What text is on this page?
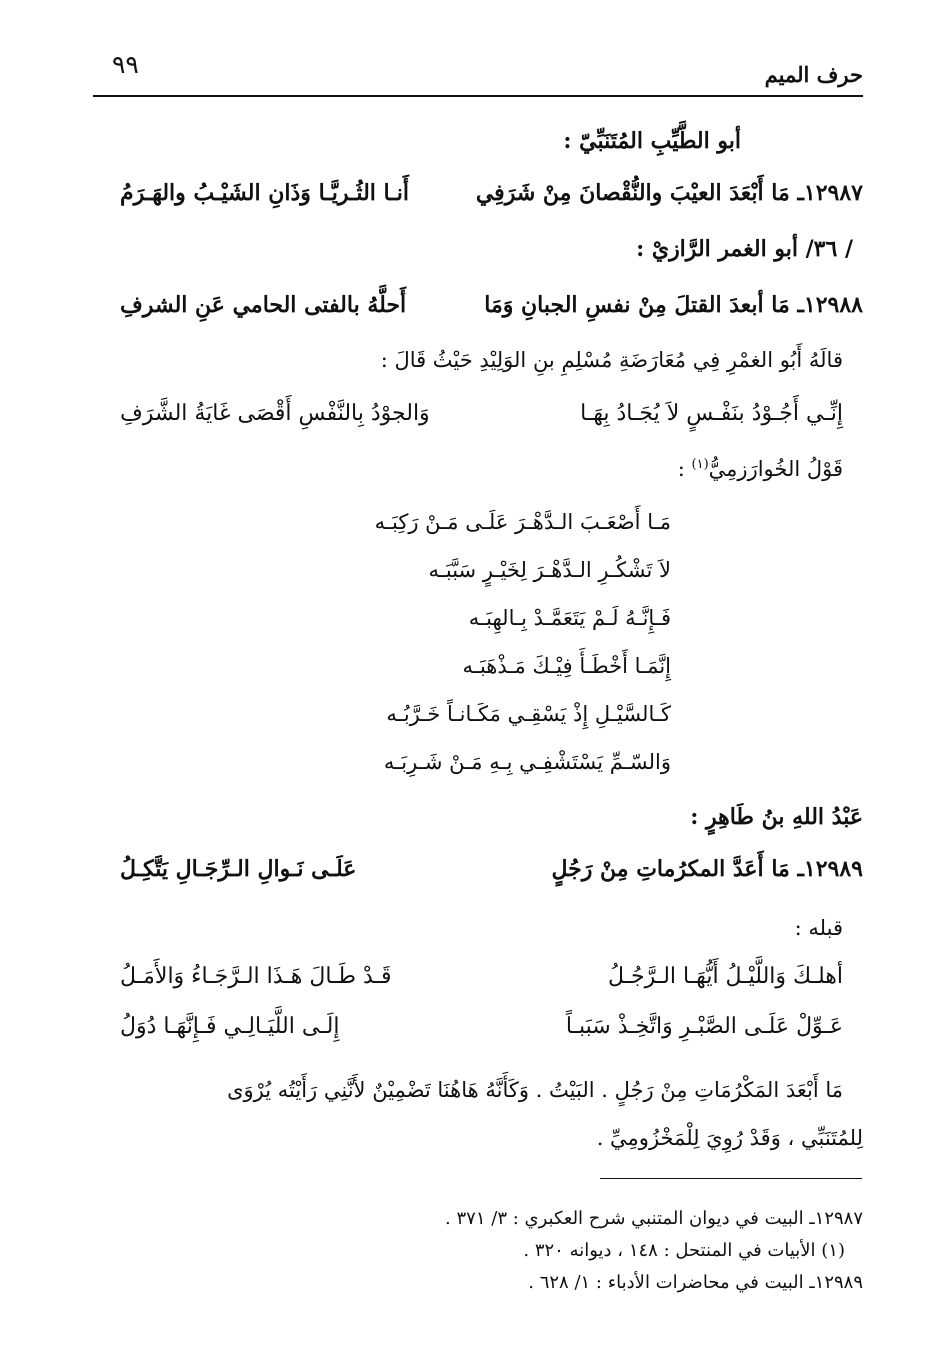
٩٩	حرف الميم
أبو الطَّيِّبِ المُتَنَبِّيّ :
١٢٩٨٧ـ مَا أَبْعَدَ العيْبَ والنُّقْصانَ مِنْ شَرَفِي
أَنـا الثُـريَّـا وَذَانِ الشَيْـبُ والهَـرَمُ
/ ٣٦/ أبو الغمر الرَّازيْ :
١٢٩٨٨ـ مَا أبعدَ القتلَ مِنْ نفسِ الجبانِ وَمَا
أَحلَّهُ بالفتى الحامي عَنِ الشرفِ
قالَهُ أَبُو الغمْرِ فِي مُعَارَضَةِ مُسْلِمِ بنِ الوَلِيْدِ حَيْثُ قَالَ :
إِنِّـي أَجُـوْدُ بنَفْـسٍ لاَ يُجَـادُ بِهَـا
وَالجوْدُ بِالنَّفْسِ أَقْصَى غَايَةُ الشَّرَفِ
قَوْلُ الخُوارَزمِيُّ$^{(١)}$ :
مَـا أَصْعَـبَ الـدَّهْـرَ عَلَـى مَـنْ رَكِبَـه
لاَ تَشْكُـرِ الـدَّهْـرَ لِخَيْـرٍ سَبَّبَـه
فَـإِنَّـهُ لَـمْ يَتَعَمَّـدْ بِـالهِبَـه
إِنَّمَـا أَخْطَـأَ فِيْـكَ مَـذْهَبَـه
كَـالسَّيْـلِ إِذْ يَسْقِـي مَكَـانـاً خَـرَّبُـه
وَالسّـمِّ يَسْتَشْفِـي بِـهِ مَـنْ شَـرِبَـه
عَبْدُ اللهِ بنُ طَاهِرٍ :
١٢٩٨٩ـ مَا أَعَدَّ المكرُماتِ مِنْ رَجُلٍ
عَلَـى نَـوالِ الـرِّجَـالِ يَتَّكِـلُ
قبله :
أهلـكَ وَاللَّيْـلُ أَيُّهَـا الـرَّجُـلُ
قَـدْ طَـالَ هَـذَا الـرَّجَـاءُ وَالأَمَـلُ
عَـوِّلْ عَلَـى الصَّبْـرِ وَاتَّخِـذْ سَبَبـاً
إِلَـى اللَّيَـالِـي فَـإِنَّهَـا دُوَلُ
مَا أَبْعَدَ المَكْرُمَاتِ مِنْ رَجُلٍ . البَيْتُ . وَكَأَنَّهُ هَاهُنَا تَضْمِيْنٌ لأَنَّنِي رَأَيْتُه يُرْوَى
لِلمُتَنَبِّي ، وَقَدْ رُوِيَ لِلْمَخْزُومِيِّ .
١٢٩٨٧ـ البيت في ديوان المتنبي شرح العكبري : ٣/ ٣٧١ .
(١) الأبيات في المنتحل : ١٤٨ ، ديوانه ٣٢٠ .
١٢٩٨٩ـ البيت في محاضرات الأدباء : ١/ ٦٢٨ .
